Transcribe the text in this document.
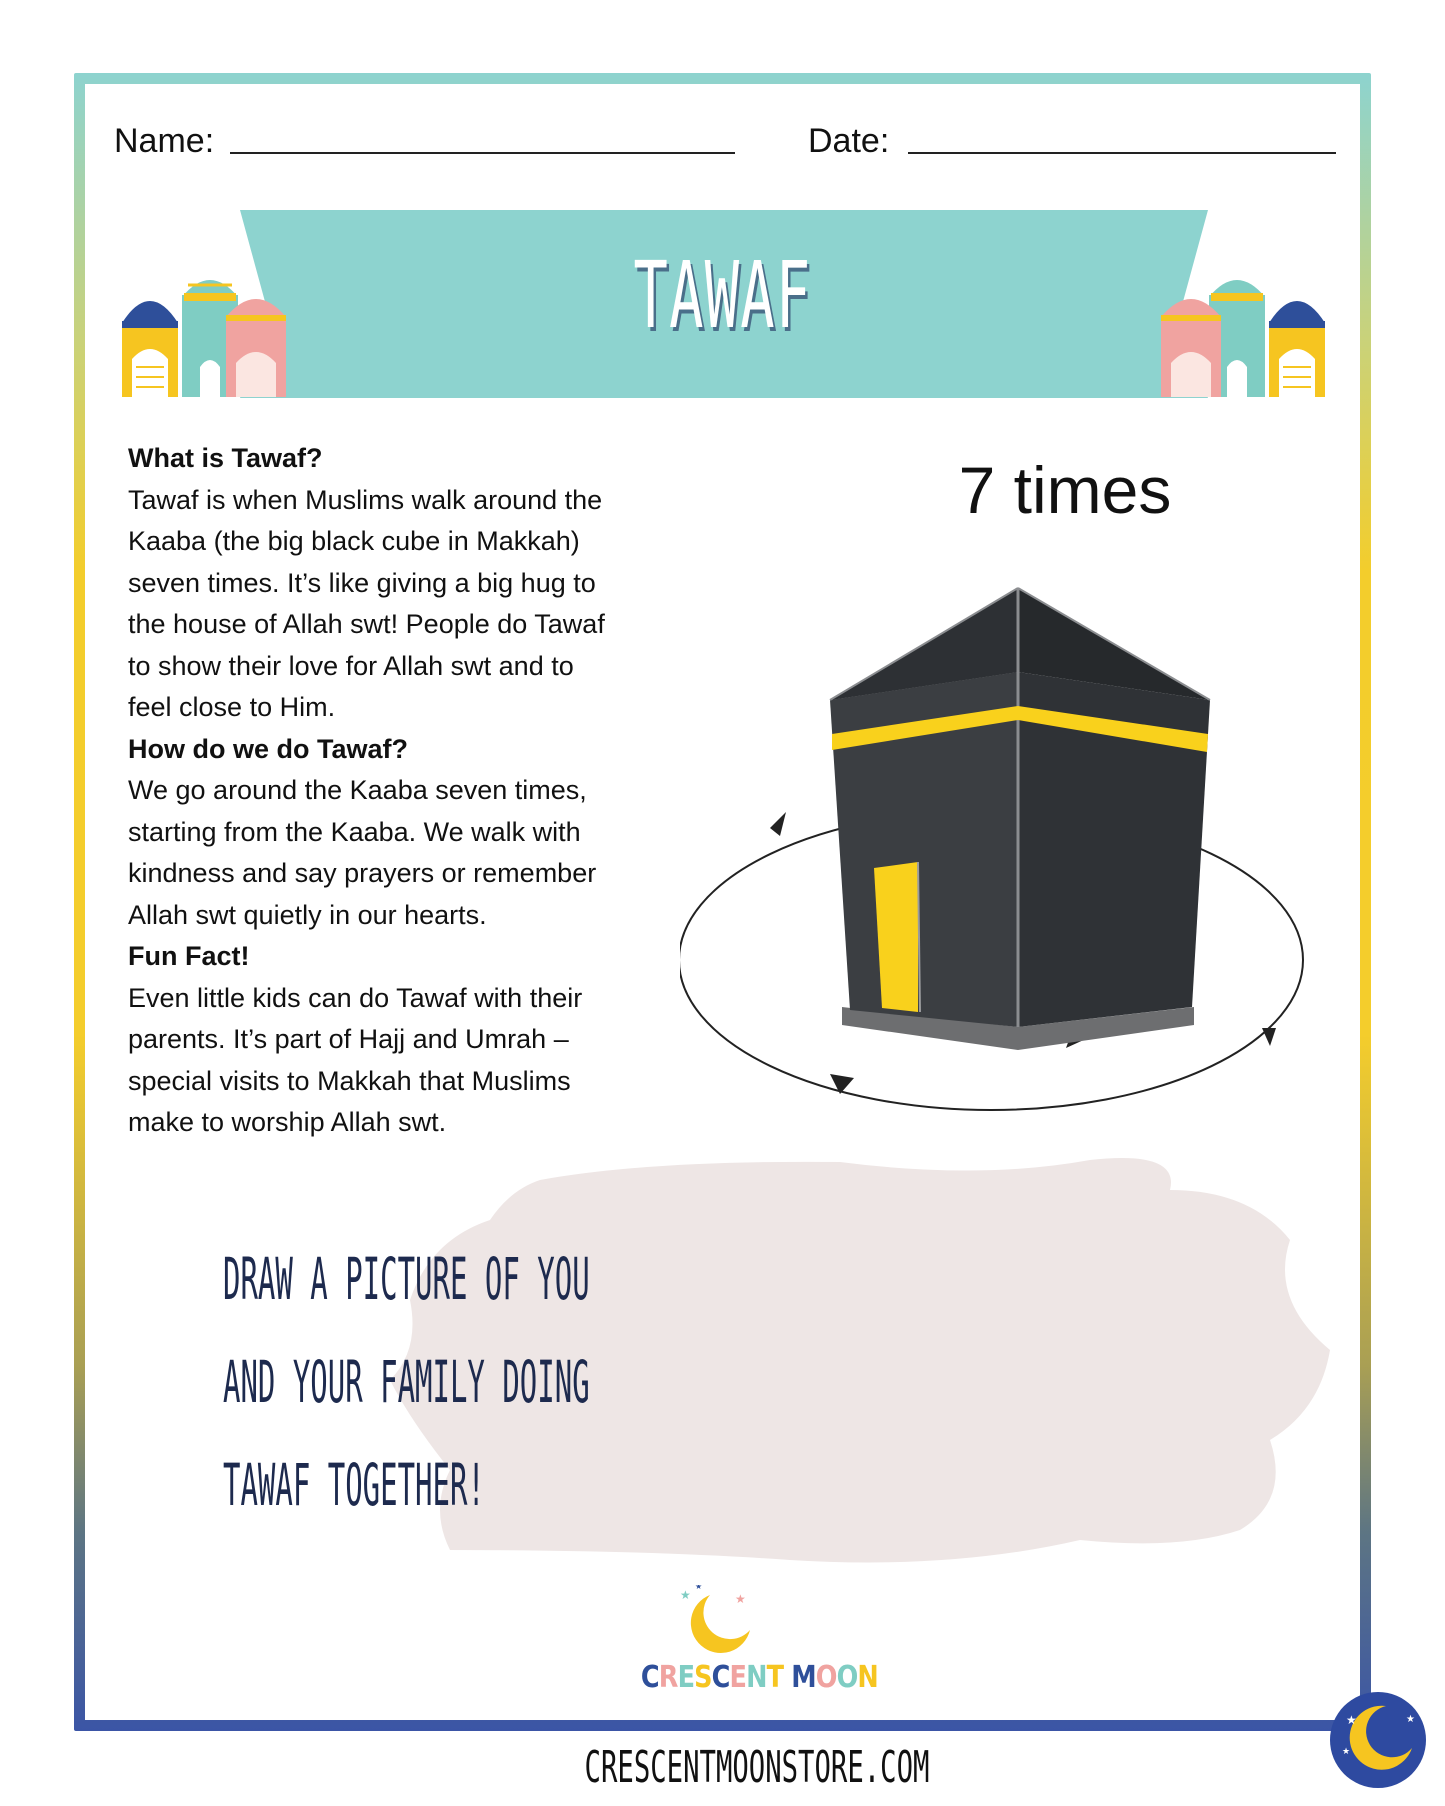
Name:	Date:
TAWAF
What is Tawaf?
Tawaf is when Muslims walk around the
Kaaba (the big black cube in Makkah)
seven times. It’s like giving a big hug to
the house of Allah swt! People do Tawaf
to show their love for Allah swt and to
feel close to Him.
How do we do Tawaf?
We go around the Kaaba seven times,
starting from the Kaaba. We walk with
kindness and say prayers or remember
Allah swt quietly in our hearts.
Fun Fact!
Even little kids can do Tawaf with their
parents. It’s part of Hajj and Umrah –
special visits to Makkah that Muslims
make to worship Allah swt.
7 times
DRAW A PICTURE OF YOU
AND YOUR FAMILY DOING
TAWAF TOGETHER!
★	★
★
CRESCENT MOON
CRESCENTMOONSTORE.COM
★	★
★
